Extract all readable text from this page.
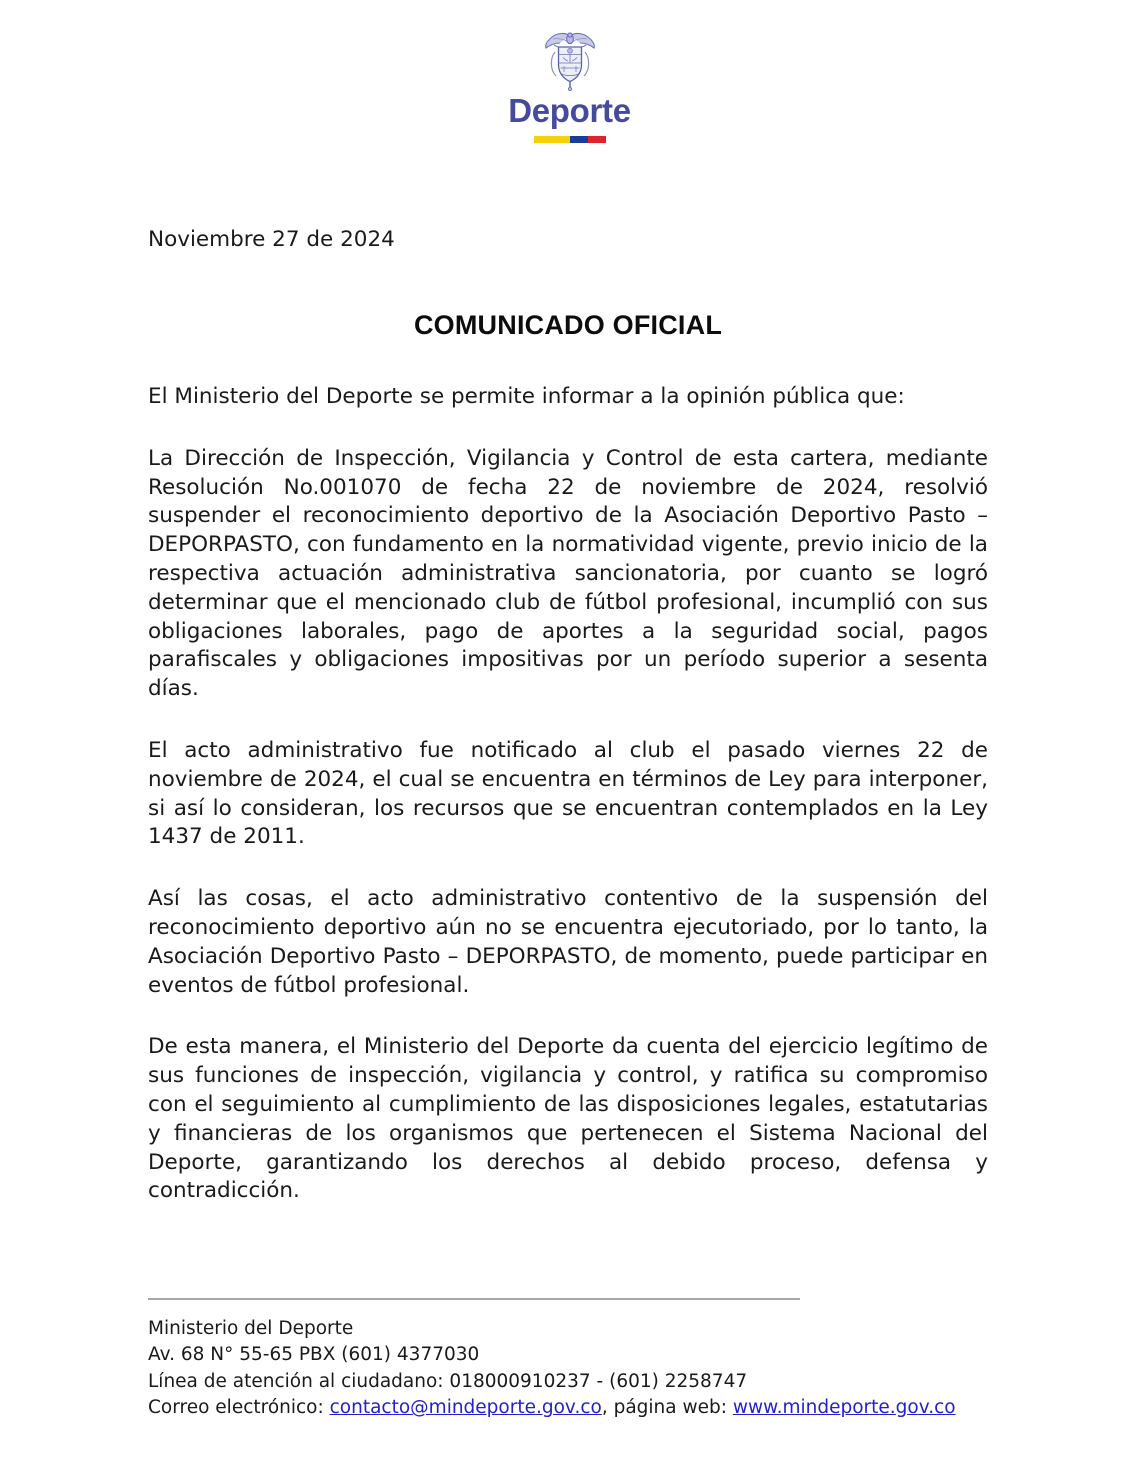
Deporte

Noviembre 27 de 2024

COMUNICADO OFICIAL

El Ministerio del Deporte se permite informar a la opinión pública que:

La Dirección de Inspección, Vigilancia y Control de esta cartera, mediante Resolución No.001070 de fecha 22 de noviembre de 2024, resolvió suspender el reconocimiento deportivo de la Asociación Deportivo Pasto – DEPORPASTO, con fundamento en la normatividad vigente, previo inicio de la respectiva actuación administrativa sancionatoria, por cuanto se logró determinar que el mencionado club de fútbol profesional, incumplió con sus obligaciones laborales, pago de aportes a la seguridad social, pagos parafiscales y obligaciones impositivas por un período superior a sesenta días.

El acto administrativo fue notificado al club el pasado viernes 22 de noviembre de 2024, el cual se encuentra en términos de Ley para interponer, si así lo consideran, los recursos que se encuentran contemplados en la Ley 1437 de 2011.

Así las cosas, el acto administrativo contentivo de la suspensión del reconocimiento deportivo aún no se encuentra ejecutoriado, por lo tanto, la Asociación Deportivo Pasto – DEPORPASTO, de momento, puede participar en eventos de fútbol profesional.

De esta manera, el Ministerio del Deporte da cuenta del ejercicio legítimo de sus funciones de inspección, vigilancia y control, y ratifica su compromiso con el seguimiento al cumplimiento de las disposiciones legales, estatutarias y financieras de los organismos que pertenecen el Sistema Nacional del Deporte, garantizando los derechos al debido proceso, defensa y contradicción.

Ministerio del Deporte
Av. 68 N° 55-65 PBX (601) 4377030
Línea de atención al ciudadano: 018000910237 - (601) 2258747
Correo electrónico: contacto@mindeporte.gov.co, página web: www.mindeporte.gov.co
